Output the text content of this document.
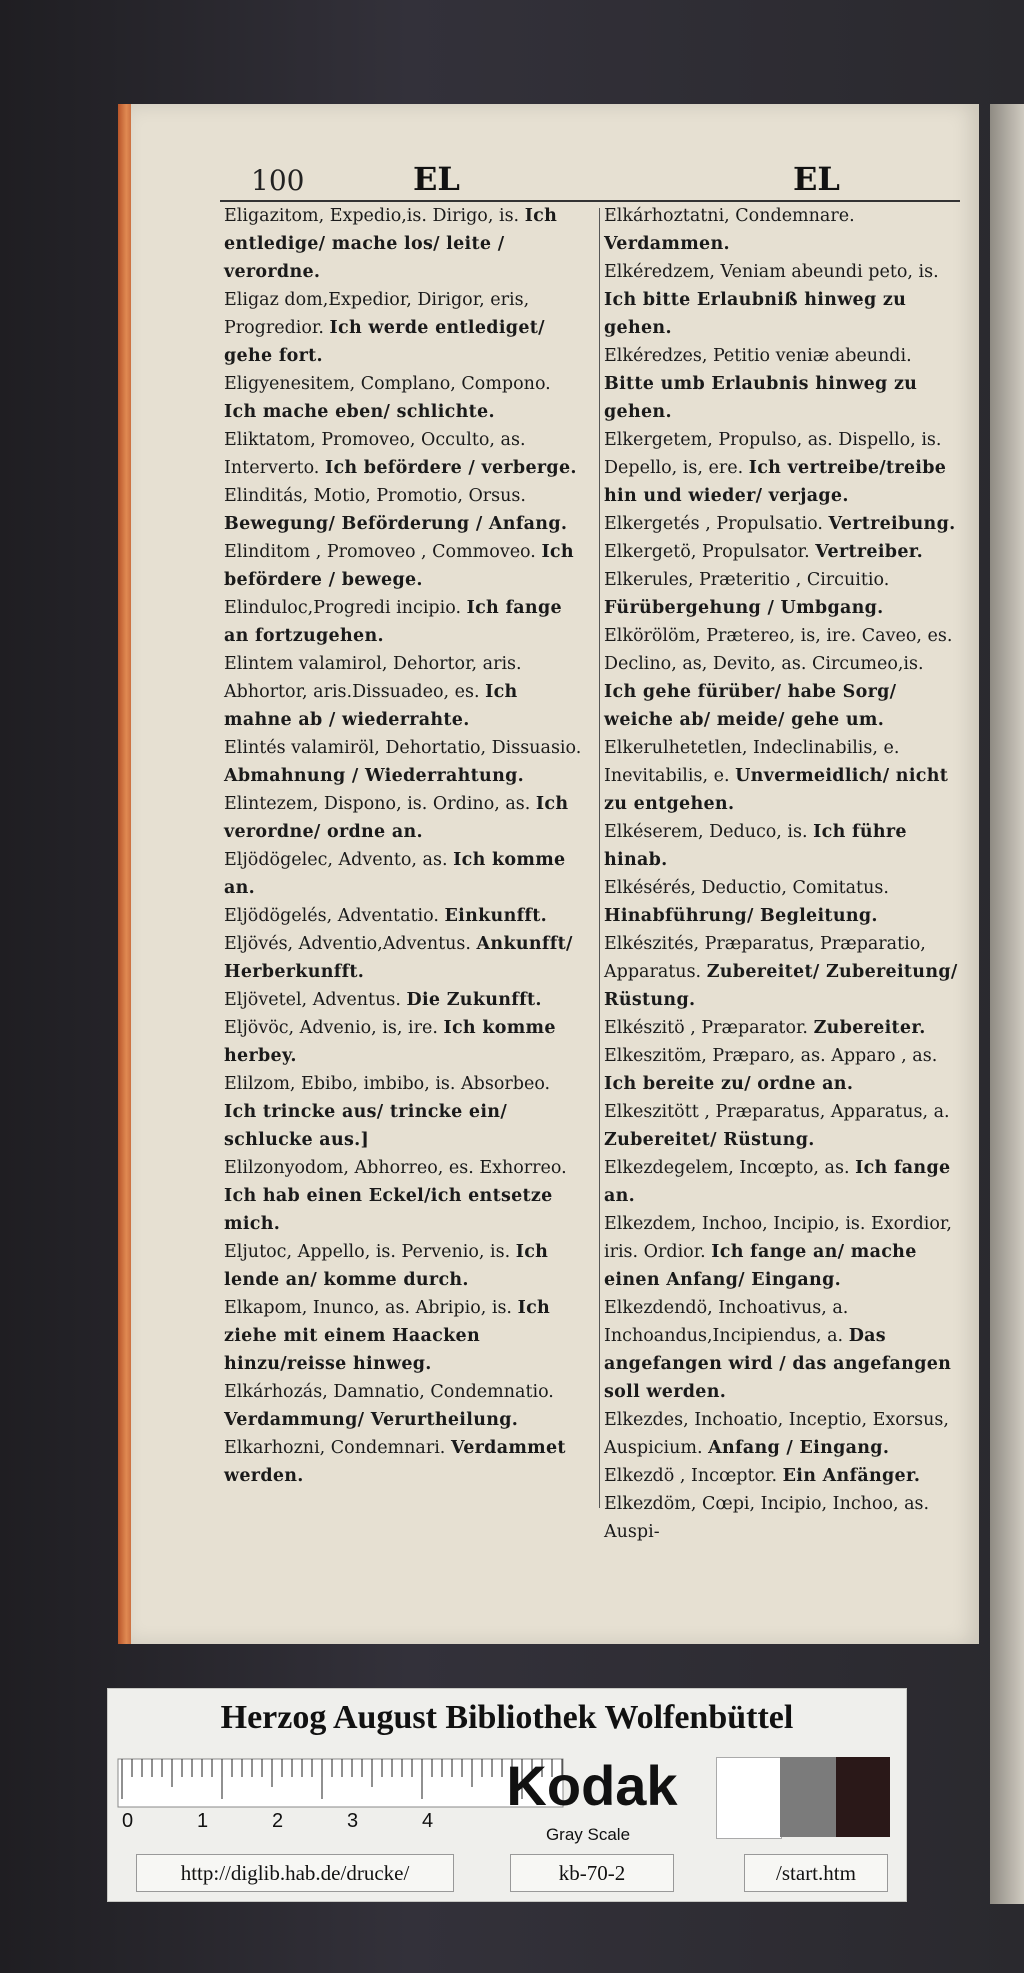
100	EL	EL
Eligazitom, Expedio,is. Dirigo, is. Ich entledige/ mache los/ leite / verordne.
Eligaz dom,Expedior, Dirigor, eris, Progredior. Ich werde entlediget/ gehe fort.
Eligyenesitem, Complano, Compono. Ich mache eben/ schlichte.
Eliktatom, Promoveo, Occulto, as. Interverto. Ich befördere / verberge.
Elinditás, Motio, Promotio, Orsus. Bewegung/ Beförderung / Anfang.
Elinditom , Promoveo , Commoveo. Ich befördere / bewege.
Elinduloc,Progredi incipio. Ich fange an fortzugehen.
Elintem valamirol, Dehortor, aris. Abhortor, aris.Dissuadeo, es. Ich mahne ab / wiederrahte.
Elintés valamiröl, Dehortatio, Dissuasio. Abmahnung / Wiederrahtung.
Elintezem, Dispono, is. Ordino, as. Ich verordne/ ordne an.
Eljödögelec, Advento, as. Ich komme an.
Eljödögelés, Adventatio. Einkunfft.
Eljövés, Adventio,Adventus. Ankunfft/ Herberkunfft.
Eljövetel, Adventus. Die Zukunfft.
Eljövöc, Advenio, is, ire. Ich komme herbey.
Elilzom, Ebibo, imbibo, is. Absorbeo. Ich trincke aus/ trincke ein/ schlucke aus.]
Elilzonyodom, Abhorreo, es. Exhorreo. Ich hab einen Eckel/ich entsetze mich.
Eljutoc, Appello, is. Pervenio, is. Ich lende an/ komme durch.
Elkapom, Inunco, as. Abripio, is. Ich ziehe mit einem Haacken hinzu/reisse hinweg.
Elkárhozás, Damnatio, Condemnatio. Verdammung/ Verurtheilung.
Elkarhozni, Condemnari. Verdammet werden.
Elkárhoztatni, Condemnare. Verdammen.
Elkéredzem, Veniam abeundi peto, is. Ich bitte Erlaubniß hinweg zu gehen.
Elkéredzes, Petitio veniæ abeundi. Bitte umb Erlaubnis hinweg zu gehen.
Elkergetem, Propulso, as. Dispello, is. Depello, is, ere. Ich vertreibe/treibe hin und wieder/ verjage.
Elkergetés , Propulsatio. Vertreibung.
Elkergetö, Propulsator. Vertreiber.
Elkerules, Præteritio , Circuitio. Fürübergehung / Umbgang.
Elkörölöm, Prætereo, is, ire. Caveo, es. Declino, as, Devito, as. Circumeo,is. Ich gehe fürüber/ habe Sorg/ weiche ab/ meide/ gehe um.
Elkerulhetetlen, Indeclinabilis, e. Inevitabilis, e. Unvermeidlich/ nicht zu entgehen.
Elkéserem, Deduco, is. Ich führe hinab.
Elkésérés, Deductio, Comitatus. Hinabführung/ Begleitung.
Elkészités, Præparatus, Præparatio, Apparatus. Zubereitet/ Zubereitung/ Rüstung.
Elkészitö , Præparator. Zubereiter.
Elkeszitöm, Præparo, as. Apparo , as. Ich bereite zu/ ordne an.
Elkeszitött , Præparatus, Apparatus, a. Zubereitet/ Rüstung.
Elkezdegelem, Incœpto, as. Ich fange an.
Elkezdem, Inchoo, Incipio, is. Exordior, iris. Ordior. Ich fange an/ mache einen Anfang/ Eingang.
Elkezdendö, Inchoativus, a. Inchoandus,Incipiendus, a. Das angefangen wird / das angefangen soll werden.
Elkezdes, Inchoatio, Inceptio, Exorsus, Auspicium. Anfang / Eingang.
Elkezdö , Incœptor. Ein Anfänger.
Elkezdöm, Cœpi, Incipio, Inchoo, as. Auspi-
Herzog August Bibliothek Wolfenbüttel
0	1	2	3	4
Kodak
Gray Scale
http://diglib.hab.de/drucke/	kb-70-2	/start.htm
